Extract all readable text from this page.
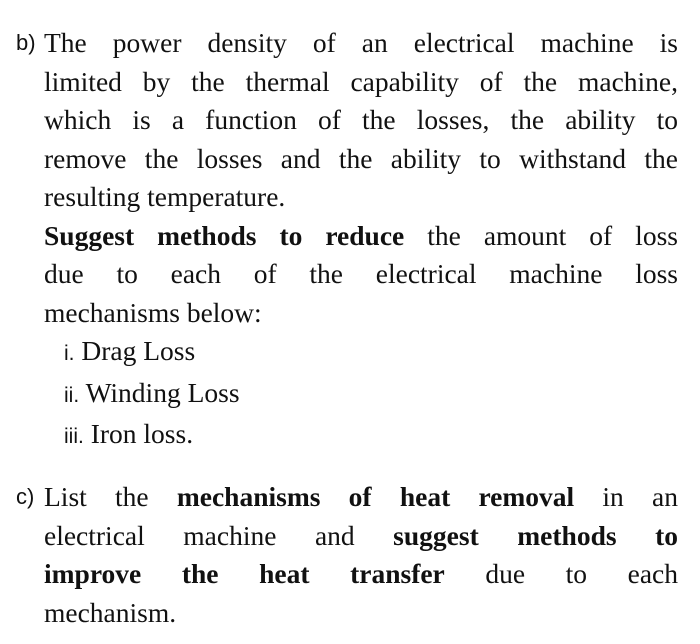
b) The power density of an electrical machine is
limited by the thermal capability of the machine,
which is a function of the losses, the ability to
remove the losses and the ability to withstand the
resulting temperature.
Suggest methods to reduce the amount of loss
due to each of the electrical machine loss
mechanisms below:
i. Drag Loss
ii. Winding Loss
iii. Iron loss.
c) List the mechanisms of heat removal in an
electrical machine and suggest methods to
improve the heat transfer due to each
mechanism.
